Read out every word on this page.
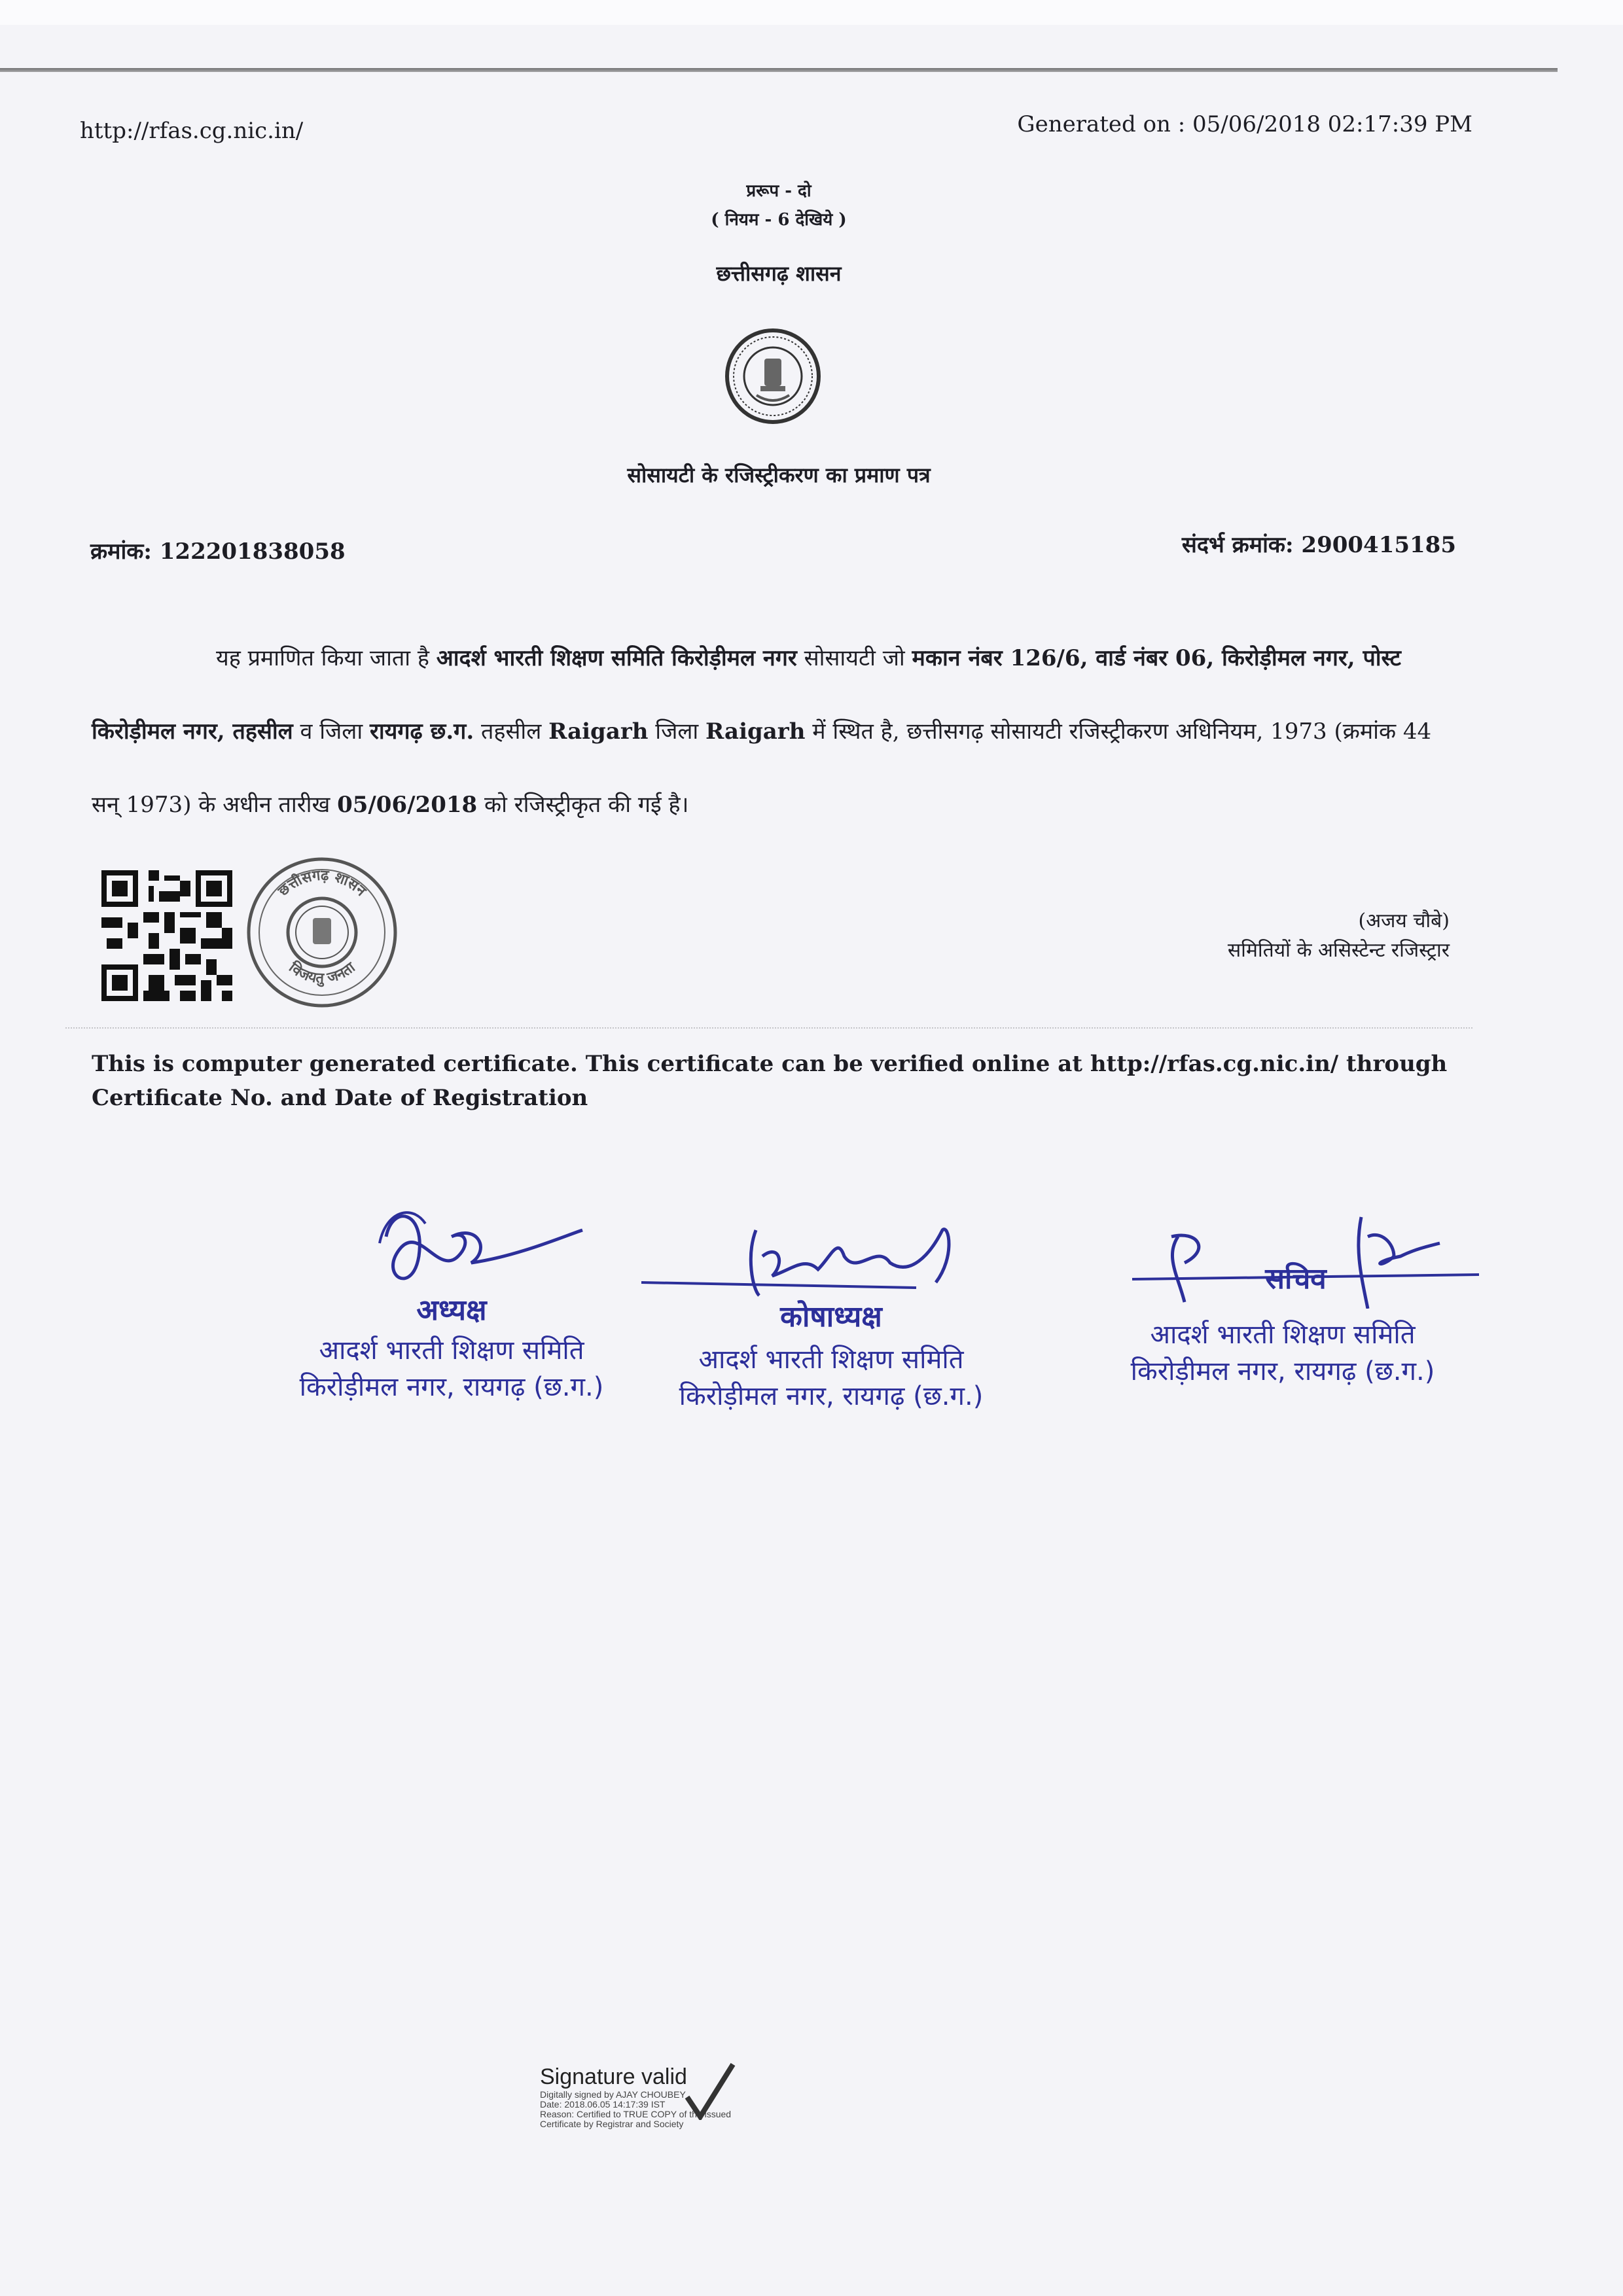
http://rfas.cg.nic.in/	Generated on : 05/06/2018 02:17:39 PM
प्ररूप - दो
( नियम - 6 देखिये )
छत्तीसगढ़ शासन
सोसायटी के रजिस्ट्रीकरण का प्रमाण पत्र
क्रमांक: 122201838058	संदर्भ क्रमांक: 2900415185
यह प्रमाणित किया जाता है आदर्श भारती शिक्षण समिति किरोड़ीमल नगर सोसायटी जो मकान नंबर 126/6, वार्ड नंबर 06, किरोड़ीमल नगर, पोस्ट किरोड़ीमल नगर, तहसील व जिला रायगढ़ छ.ग. तहसील Raigarh जिला Raigarh में स्थित है, छत्तीसगढ़ सोसायटी रजिस्ट्रीकरण अधिनियम, 1973 (क्रमांक 44 सन् 1973) के अधीन तारीख 05/06/2018 को रजिस्ट्रीकृत की गई है।
छत्तीसगढ़ शासन
विजयतु जनता
(अजय चौबे)
समितियों के असिस्टेन्ट रजिस्ट्रार
This is computer generated certificate. This certificate can be verified online at http://rfas.cg.nic.in/ through Certificate No. and Date of Registration
अध्यक्ष
आदर्श भारती शिक्षण समिति
किरोड़ीमल नगर, रायगढ़ (छ.ग.)
कोषाध्यक्ष
आदर्श भारती शिक्षण समिति
किरोड़ीमल नगर, रायगढ़ (छ.ग.)
सचिव
आदर्श भारती शिक्षण समिति
किरोड़ीमल नगर, रायगढ़ (छ.ग.)
Signature valid
Digitally signed by AJAY CHOUBEY
Date: 2018.06.05 14:17:39 IST
Reason: Certified to TRUE COPY of the issued
Certificate by Registrar and Society
